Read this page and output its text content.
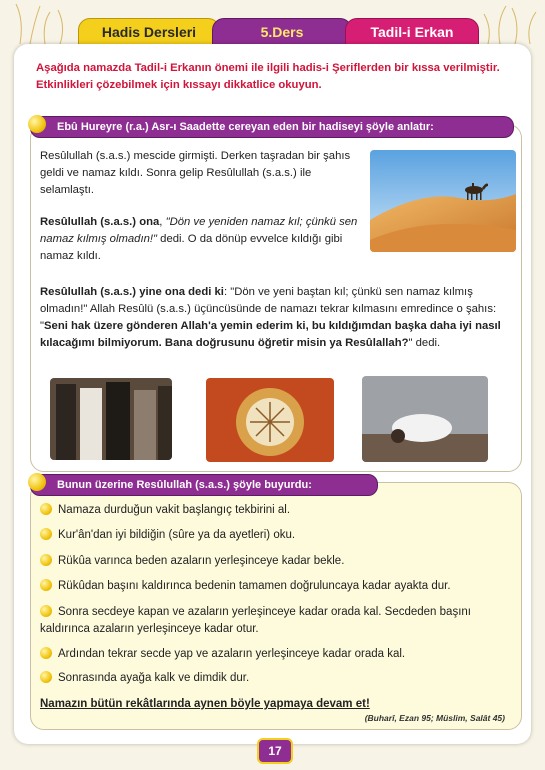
Hadis Dersleri	5.Ders	Tadil-i Erkan
Aşağıda namazda Tadil-i Erkanın önemi ile ilgili hadis-i Şeriflerden bir kıssa verilmiştir. Etkinlikleri çözebilmek için kıssayı dikkatlice okuyun.
Ebû Hureyre (r.a.) Asr-ı Saadette cereyan eden bir hadiseyi şöyle anlatır:
Resûlullah (s.a.s.) mescide girmişti. Derken taşradan bir şahıs geldi ve namaz kıldı. Sonra gelip Resûlullah (s.a.s.) ile selamlaştı.
Resûlullah (s.a.s.) ona, "Dön ve yeniden namaz kıl; çünkü sen namaz kılmış olmadın!" dedi. O da dönüp evvelce kıldığı gibi namaz kıldı.
Resûlullah (s.a.s.) yine ona dedi ki: "Dön ve yeni baştan kıl; çünkü sen namaz kılmış olmadın!" Allah Resûlü (s.a.s.) üçüncüsünde de namazı tekrar kılmasını emredince o şahıs: "Seni hak üzere gönderen Allah'a yemin ederim ki, bu kıldığımdan başka daha iyi nasıl kılacağımı bilmiyorum. Bana doğrusunu öğretir misin ya Resûlallah?" dedi.
Bunun üzerine Resûlullah (s.a.s.) şöyle buyurdu:
Namaza durduğun vakit başlangıç tekbirini al.
Kur'ân'dan iyi bildiğin (sûre ya da ayetleri) oku.
Rükûa varınca beden azaların yerleşinceye kadar bekle.
Rükûdan başını kaldırınca bedenin tamamen doğruluncaya kadar ayakta dur.
Sonra secdeye kapan ve azaların yerleşinceye kadar orada kal. Secdeden başını kaldırınca azaların yerleşinceye kadar otur.
Ardından tekrar secde yap ve azaların yerleşinceye kadar orada kal.
Sonrasında ayağa kalk ve dimdik dur.
Namazın bütün rekâtlarında aynen böyle yapmaya devam et!
(Buharî, Ezan 95; Müslim, Salât 45)
17
